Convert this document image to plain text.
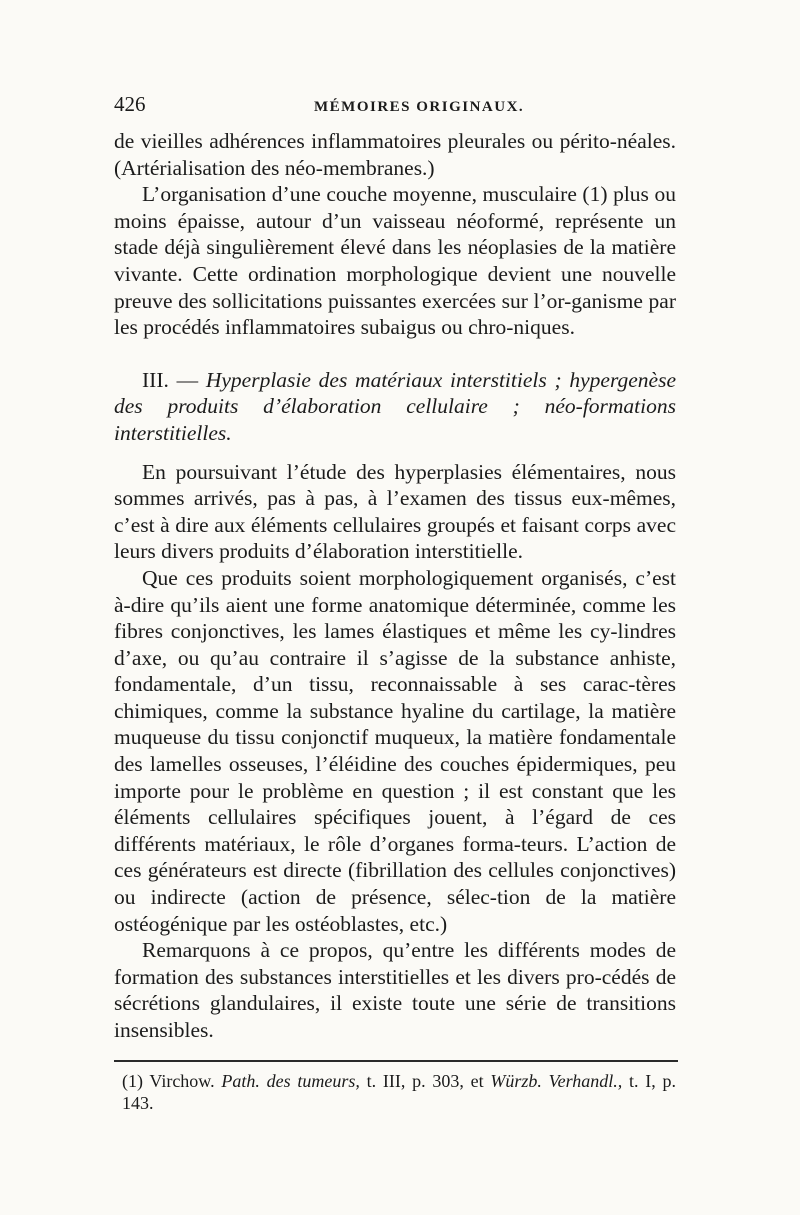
426	MÉMOIRES ORIGINAUX.

de vieilles adhérences inflammatoires pleurales ou périto-néales. (Artérialisation des néo-membranes.)

L’organisation d’une couche moyenne, musculaire (1) plus ou moins épaisse, autour d’un vaisseau néoformé, représente un stade déjà singulièrement élevé dans les néoplasies de la matière vivante. Cette ordination morphologique devient une nouvelle preuve des sollicitations puissantes exercées sur l’or-ganisme par les procédés inflammatoires subaigus ou chro-niques.

III. — Hyperplasie des matériaux interstitiels ; hypergenèse des produits d’élaboration cellulaire ; néo-formations interstitielles.

En poursuivant l’étude des hyperplasies élémentaires, nous sommes arrivés, pas à pas, à l’examen des tissus eux-mêmes, c’est à dire aux éléments cellulaires groupés et faisant corps avec leurs divers produits d’élaboration interstitielle.

Que ces produits soient morphologiquement organisés, c’est à-dire qu’ils aient une forme anatomique déterminée, comme les fibres conjonctives, les lames élastiques et même les cy-lindres d’axe, ou qu’au contraire il s’agisse de la substance anhiste, fondamentale, d’un tissu, reconnaissable à ses carac-tères chimiques, comme la substance hyaline du cartilage, la matière muqueuse du tissu conjonctif muqueux, la matière fondamentale des lamelles osseuses, l’éléidine des couches épidermiques, peu importe pour le problème en question ; il est constant que les éléments cellulaires spécifiques jouent, à l’égard de ces différents matériaux, le rôle d’organes forma-teurs. L’action de ces générateurs est directe (fibrillation des cellules conjonctives) ou indirecte (action de présence, sélec-tion de la matière ostéogénique par les ostéoblastes, etc.)

Remarquons à ce propos, qu’entre les différents modes de formation des substances interstitielles et les divers pro-cédés de sécrétions glandulaires, il existe toute une série de transitions insensibles.

(1) Virchow. Path. des tumeurs, t. III, p. 303, et Würzb. Verhandl., t. I, p. 143.
